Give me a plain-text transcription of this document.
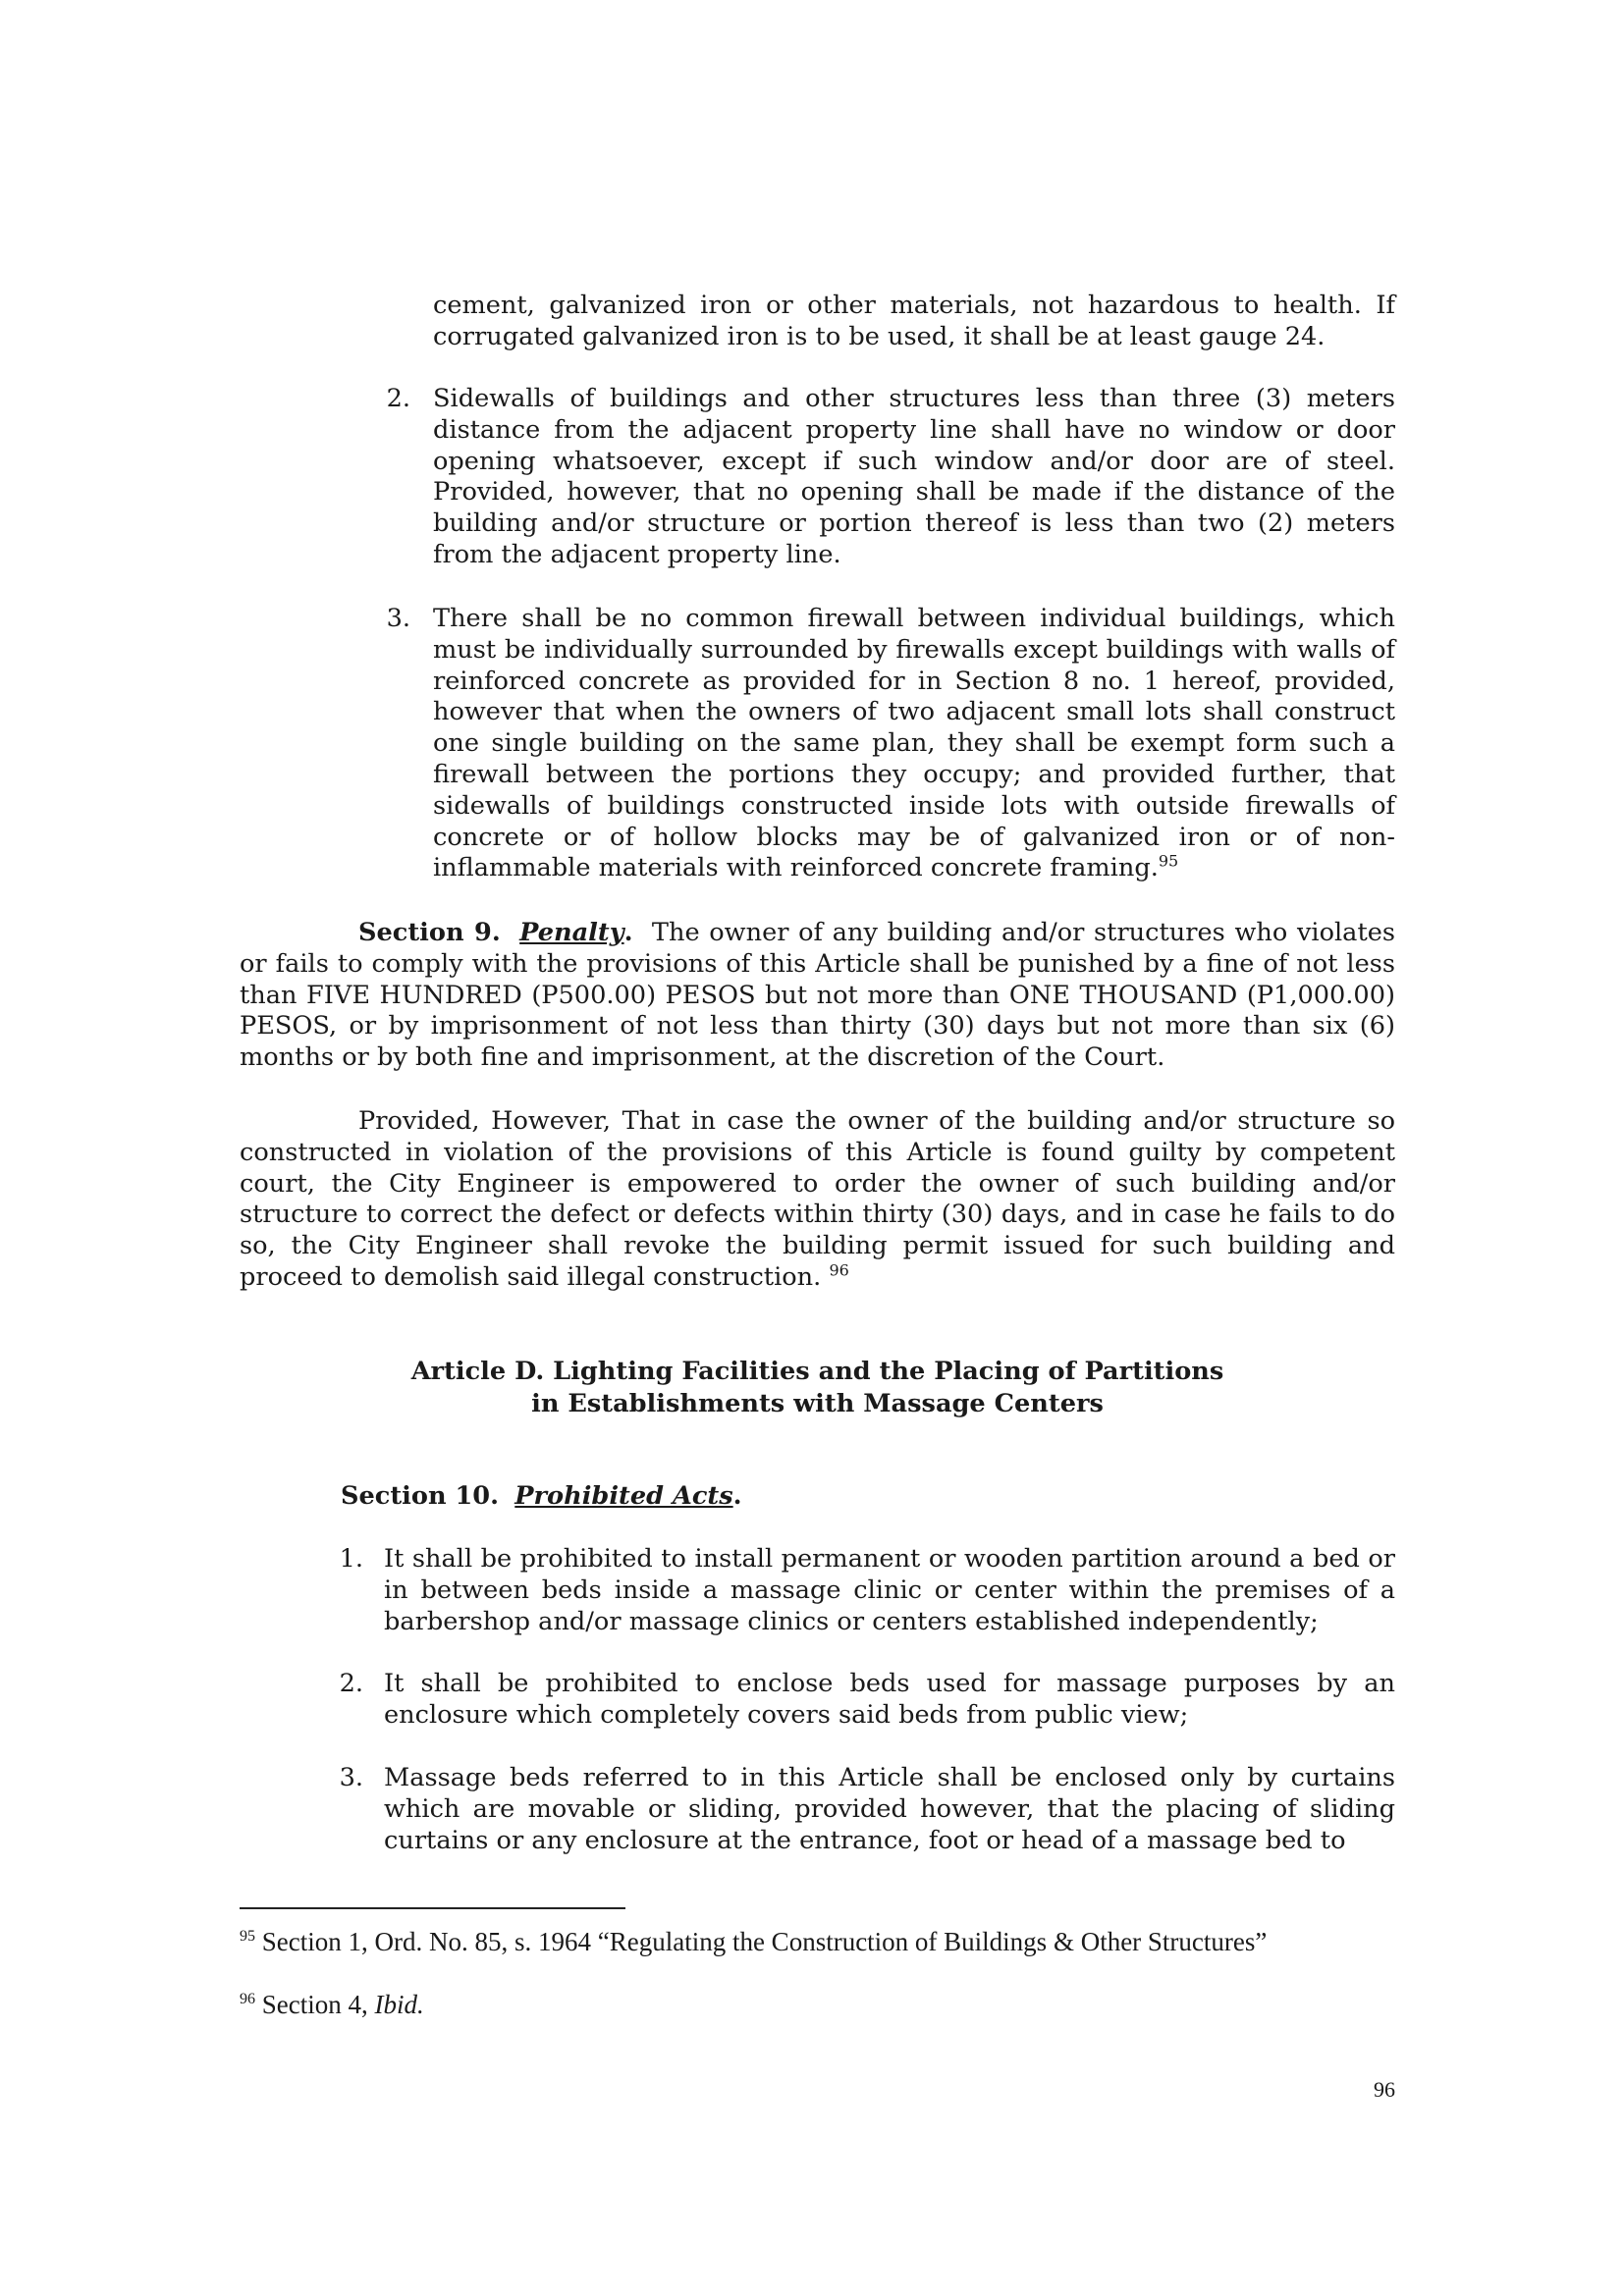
cement, galvanized iron or other materials, not hazardous to health. If corrugated galvanized iron is to be used, it shall be at least gauge 24.
2. Sidewalls of buildings and other structures less than three (3) meters distance from the adjacent property line shall have no window or door opening whatsoever, except if such window and/or door are of steel. Provided, however, that no opening shall be made if the distance of the building and/or structure or portion thereof is less than two (2) meters from the adjacent property line.
3. There shall be no common firewall between individual buildings, which must be individually surrounded by firewalls except buildings with walls of reinforced concrete as provided for in Section 8 no. 1 hereof, provided, however that when the owners of two adjacent small lots shall construct one single building on the same plan, they shall be exempt form such a firewall between the portions they occupy; and provided further, that sidewalls of buildings constructed inside lots with outside firewalls of concrete or of hollow blocks may be of galvanized iron or of non-inflammable materials with reinforced concrete framing.$^{95}$
Section 9. Penalty. The owner of any building and/or structures who violates or fails to comply with the provisions of this Article shall be punished by a fine of not less than FIVE HUNDRED (P500.00) PESOS but not more than ONE THOUSAND (P1,000.00) PESOS, or by imprisonment of not less than thirty (30) days but not more than six (6) months or by both fine and imprisonment, at the discretion of the Court.
Provided, However, That in case the owner of the building and/or structure so constructed in violation of the provisions of this Article is found guilty by competent court, the City Engineer is empowered to order the owner of such building and/or structure to correct the defect or defects within thirty (30) days, and in case he fails to do so, the City Engineer shall revoke the building permit issued for such building and proceed to demolish said illegal construction. $^{96}$
Article D. Lighting Facilities and the Placing of Partitions
in Establishments with Massage Centers
Section 10. Prohibited Acts.
1. It shall be prohibited to install permanent or wooden partition around a bed or in between beds inside a massage clinic or center within the premises of a barbershop and/or massage clinics or centers established independently;
2. It shall be prohibited to enclose beds used for massage purposes by an enclosure which completely covers said beds from public view;
3. Massage beds referred to in this Article shall be enclosed only by curtains which are movable or sliding, provided however, that the placing of sliding curtains or any enclosure at the entrance, foot or head of a massage bed to
$^{95}$ Section 1, Ord. No. 85, s. 1964 “Regulating the Construction of Buildings & Other Structures”
$^{96}$ Section 4, Ibid.
96
